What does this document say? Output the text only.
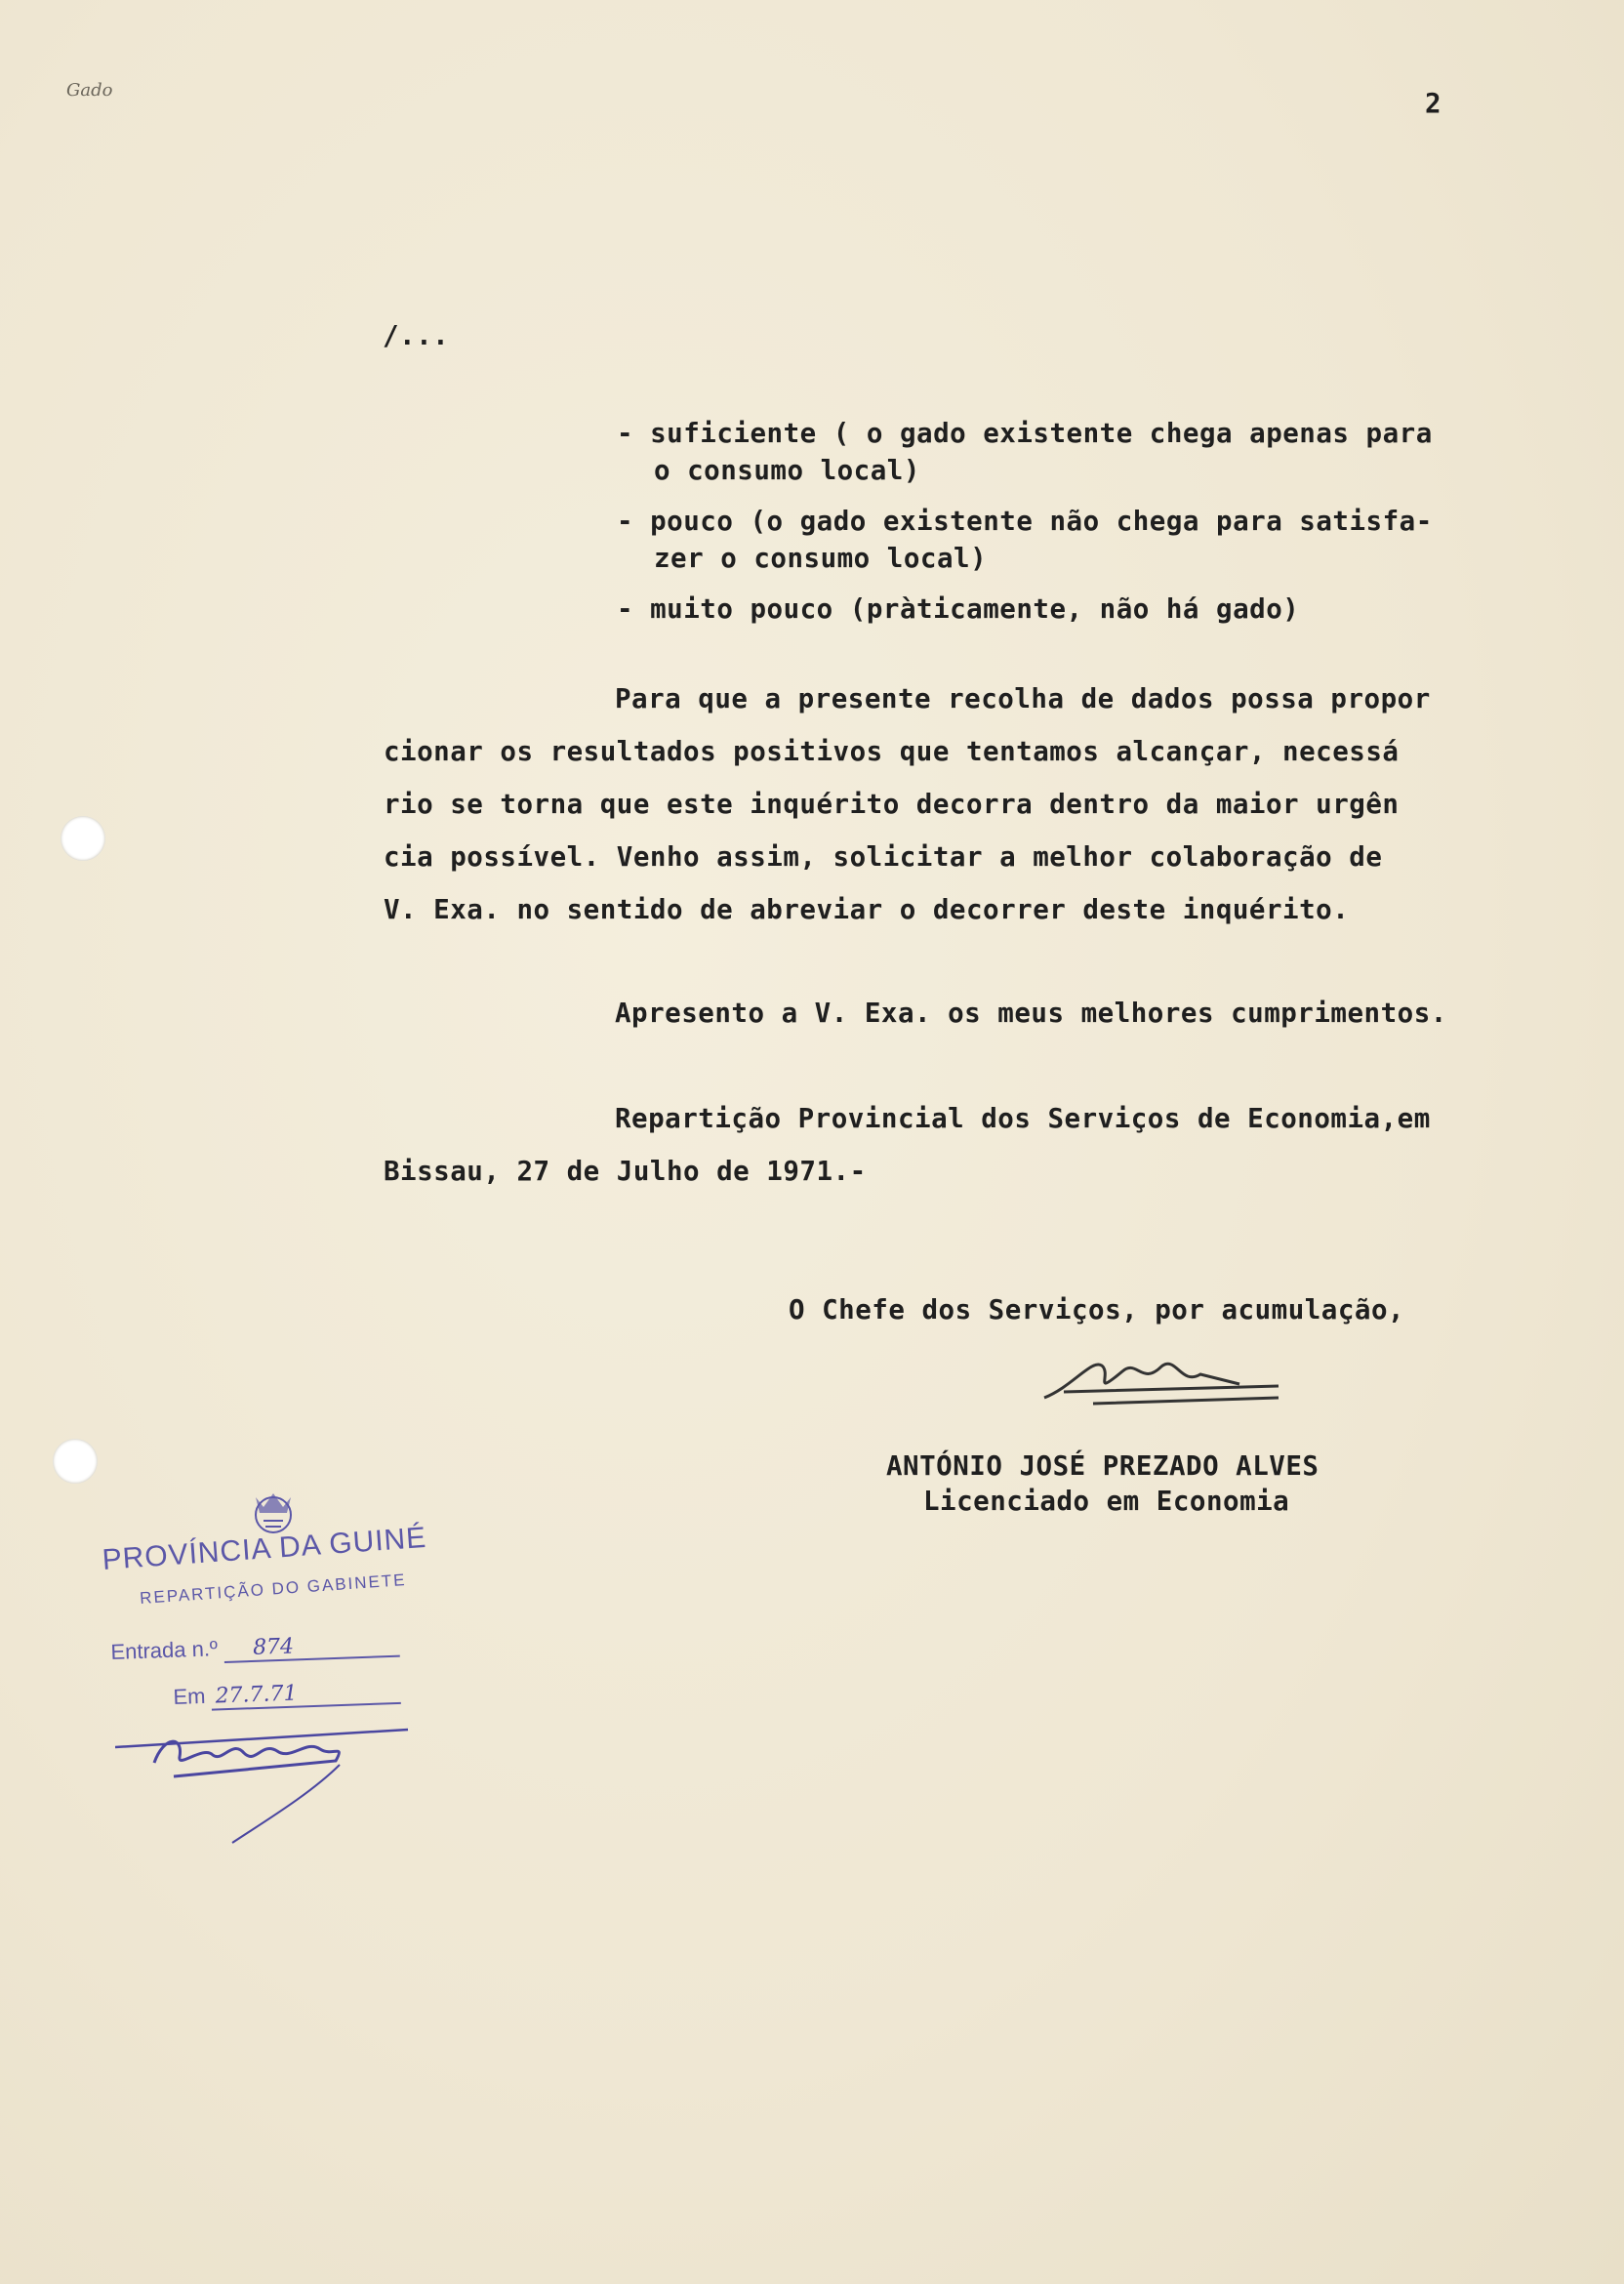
Gado	2
/...
- suficiente ( o gado existente chega apenas para
o consumo local)
- pouco (o gado existente não chega para satisfa-
zer o consumo local)
- muito pouco (pràticamente, não há gado)
Para que a presente recolha de dados possa propor
cionar os resultados positivos que tentamos alcançar, necessá
rio se torna que este inquérito decorra dentro da maior urgên
cia possível. Venho assim, solicitar a melhor colaboração de
V. Exa. no sentido de abreviar o decorrer deste inquérito.
Apresento a V. Exa. os meus melhores cumprimentos.
Repartição Provincial dos Serviços de Economia,em
Bissau, 27 de Julho de 1971.-
O Chefe dos Serviços, por acumulação,
ANTÓNIO JOSÉ PREZADO ALVES
Licenciado em Economia
PROVÍNCIA DA GUINÉ
REPARTIÇÃO DO GABINETE
Entrada n.º 874
Em 27.7.71
